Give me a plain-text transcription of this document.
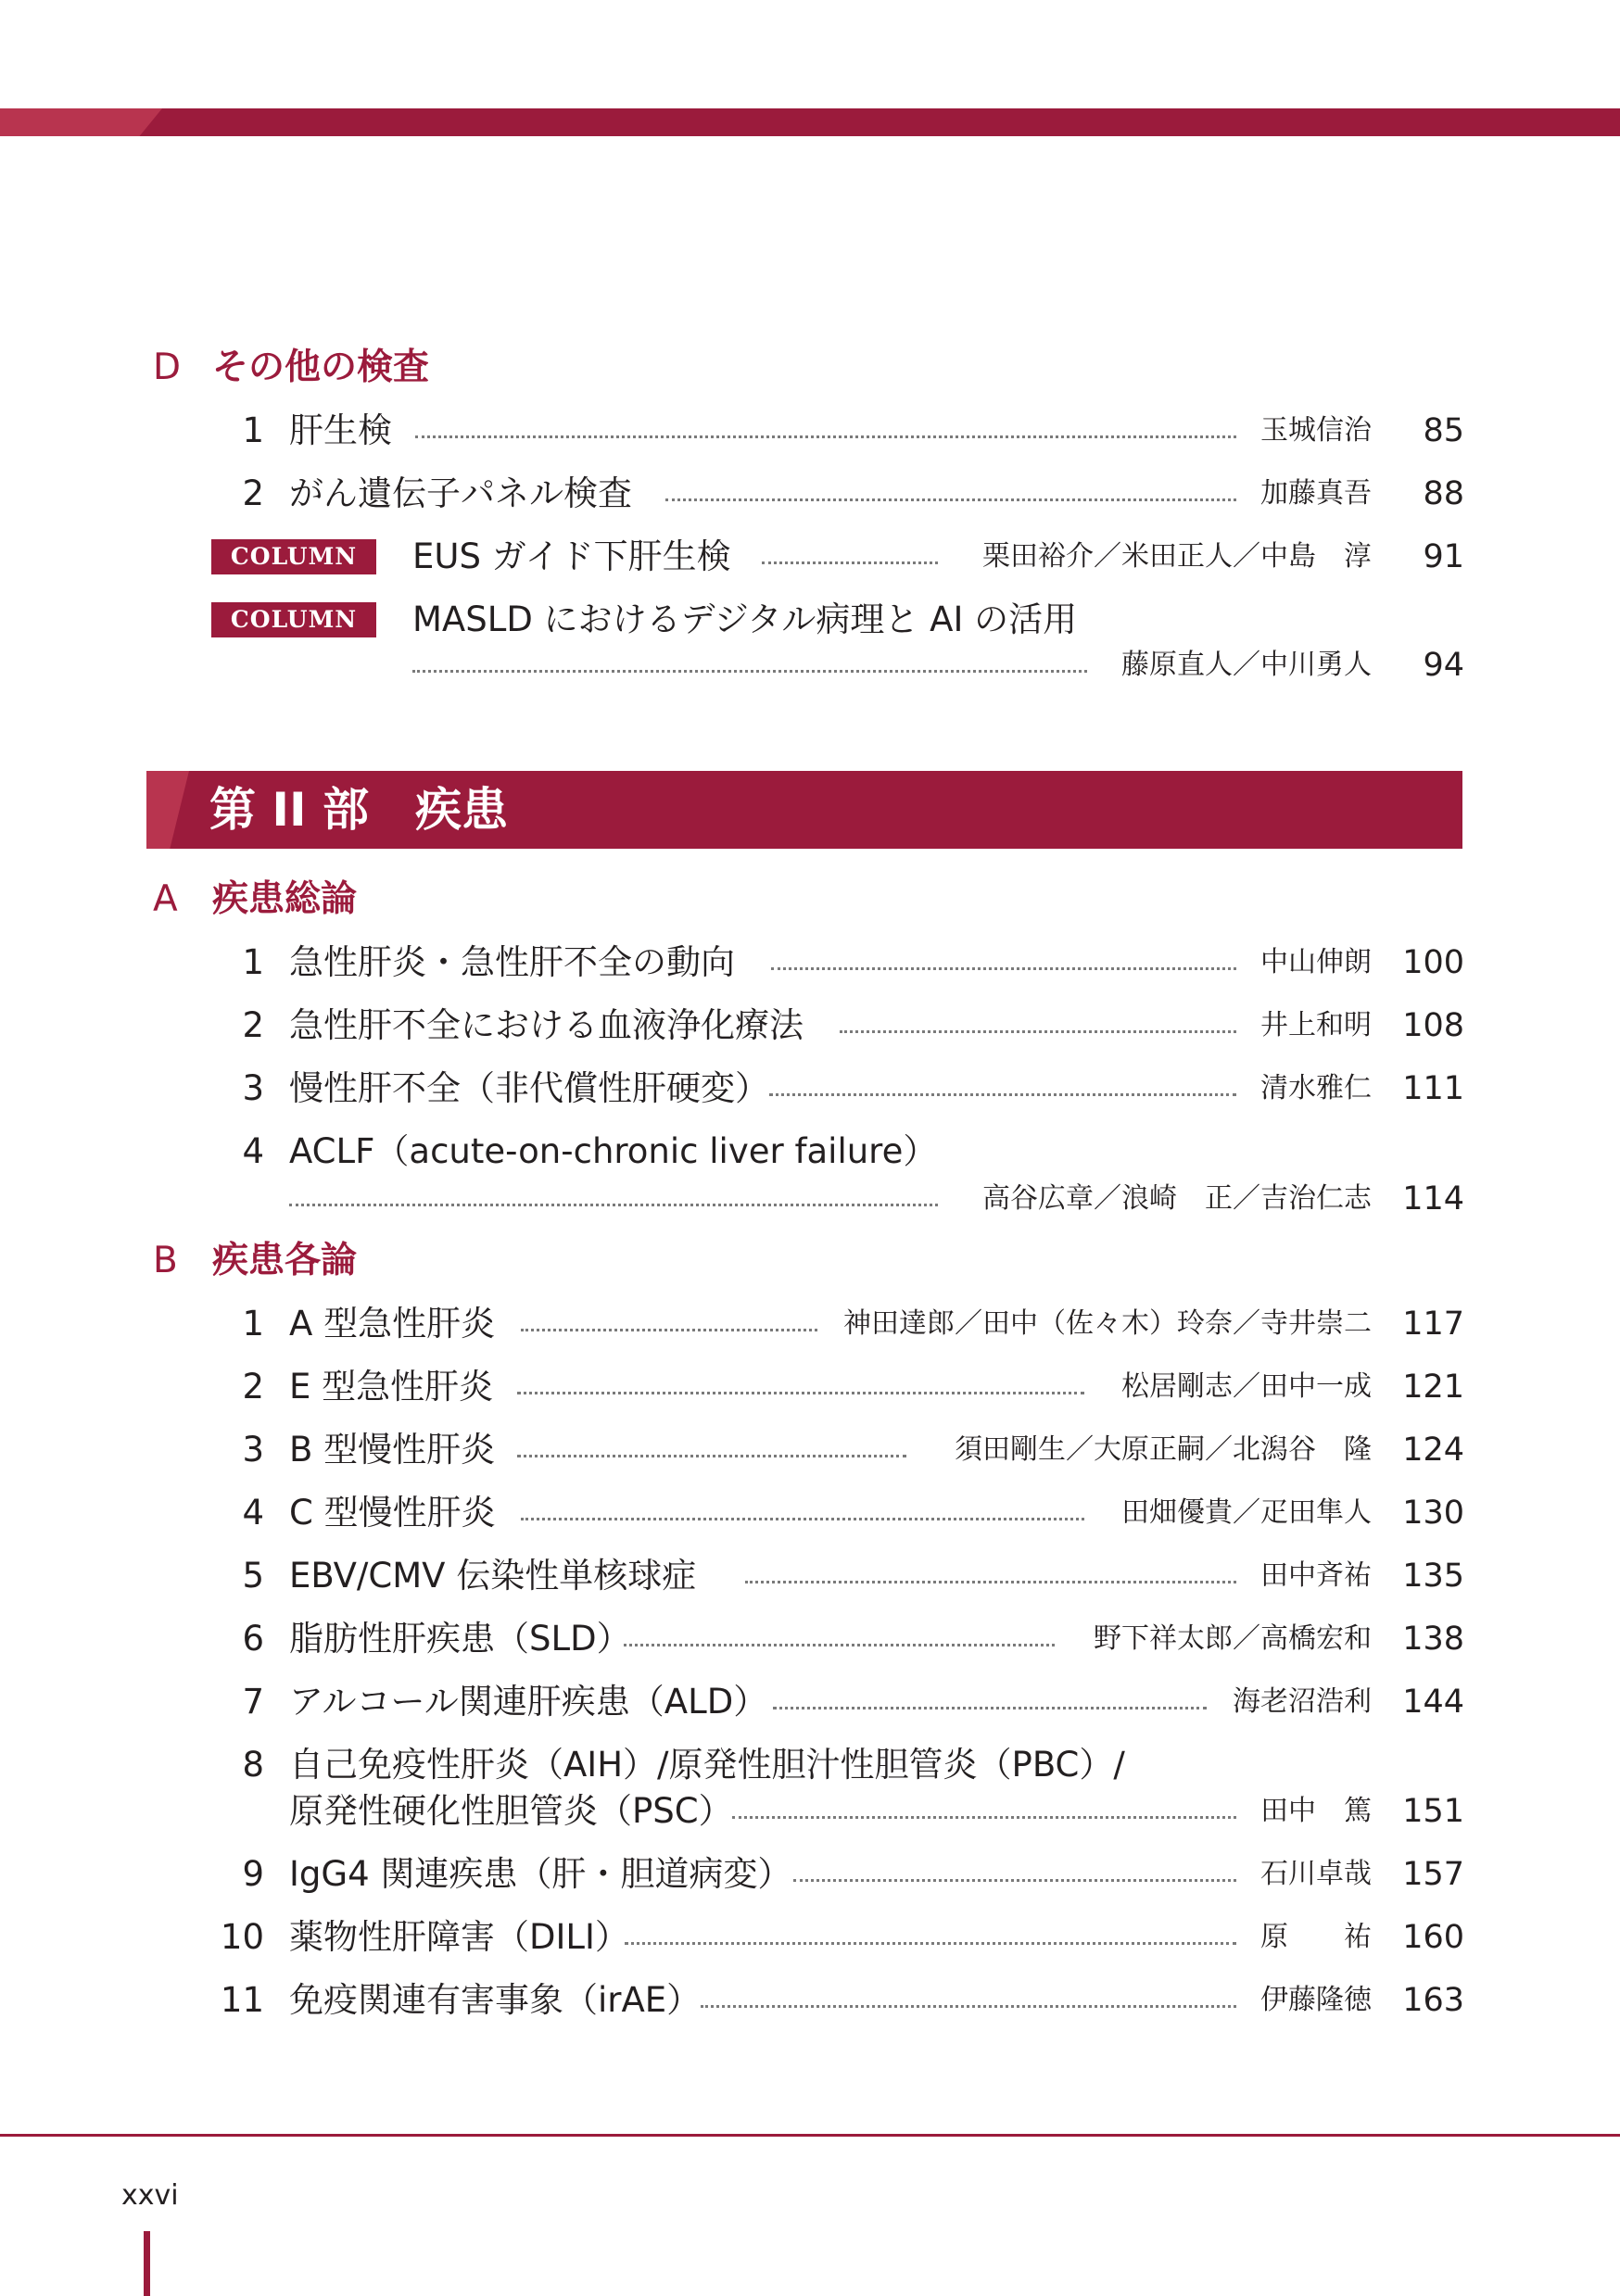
D その他の検査
1 肝生検	玉城信治 85
2 がん遺伝子パネル検査	加藤真吾 88
COLUMN	EUS ガイド下肝生検	栗田裕介／米田正人／中島　淳 91
COLUMN	MASLD におけるデジタル病理と AI の活用
藤原直人／中川勇人 94
第 II 部　疾患
A 疾患総論
1 急性肝炎・急性肝不全の動向	中山伸朗 100
2 急性肝不全における血液浄化療法	井上和明 108
3 慢性肝不全（非代償性肝硬変）	清水雅仁 111
4 ACLF（acute-on-chronic liver failure）
高谷広章／浪崎　正／吉治仁志 114
B 疾患各論
1 A 型急性肝炎	神田達郎／田中（佐々木）玲奈／寺井崇二 117
2 E 型急性肝炎	松居剛志／田中一成 121
3 B 型慢性肝炎	須田剛生／大原正嗣／北潟谷　隆 124
4 C 型慢性肝炎	田畑優貴／疋田隼人 130
5 EBV/CMV 伝染性単核球症	田中斉祐 135
6 脂肪性肝疾患（SLD）	野下祥太郎／高橋宏和 138
7 アルコール関連肝疾患（ALD）	海老沼浩利 144
8 自己免疫性肝炎（AIH）/原発性胆汁性胆管炎（PBC）/
原発性硬化性胆管炎（PSC）	田中　篤 151
9 IgG4 関連疾患（肝・胆道病変）	石川卓哉 157
10 薬物性肝障害（DILI）	原　　祐 160
11 免疫関連有害事象（irAE）	伊藤隆徳 163
xxvi
